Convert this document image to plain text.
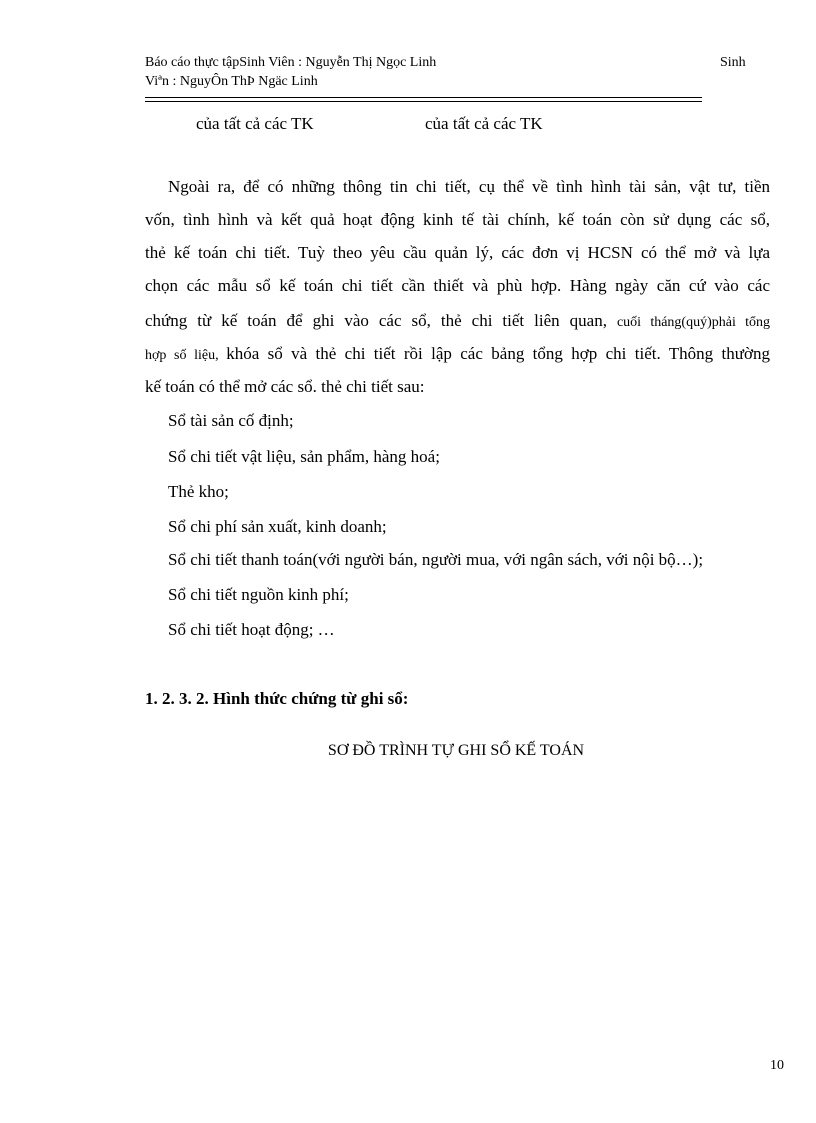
Báo cáo thực tậpSinh Viên : Nguyễn Thị Ngọc Linh	Sinh
Viªn : NguyÔn ThÞ Ngäc Linh
của tất cả các TK	của tất cả các TK
Ngoài ra, để có những thông tin chi tiết, cụ thể về tình hình tài sản, vật tư, tiền
vốn, tình hình và kết quả hoạt động kinh tế tài chính, kế toán còn sử dụng các sổ,
thẻ kế toán chi tiết. Tuỳ theo yêu cầu quản lý, các đơn vị HCSN có thể mở và lựa
chọn các mẫu sổ kế toán chi tiết cần thiết và phù hợp. Hàng ngày căn cứ vào các
chứng từ kế toán để ghi vào các sổ, thẻ chi tiết liên quan, cuối tháng(quý)phải tổng
hợp số liệu, khóa sổ và thẻ chi tiết rồi lập các bảng tổng hợp chi tiết. Thông thường
kế toán có thể mở các sổ. thẻ chi tiết sau:
Sổ tài sản cố định;
Sổ chi tiết vật liệu, sản phẩm, hàng hoá;
Thẻ kho;
Sổ chi phí sản xuất, kinh doanh;
Sổ chi tiết thanh toán(với người bán, người mua, với ngân sách, với nội bộ…);
Sổ chi tiết nguồn kinh phí;
Sổ chi tiết hoạt động; …
1. 2. 3. 2. Hình thức chứng từ ghi sổ:
SƠ ĐỒ TRÌNH TỰ GHI SỔ KẾ TOÁN
10
